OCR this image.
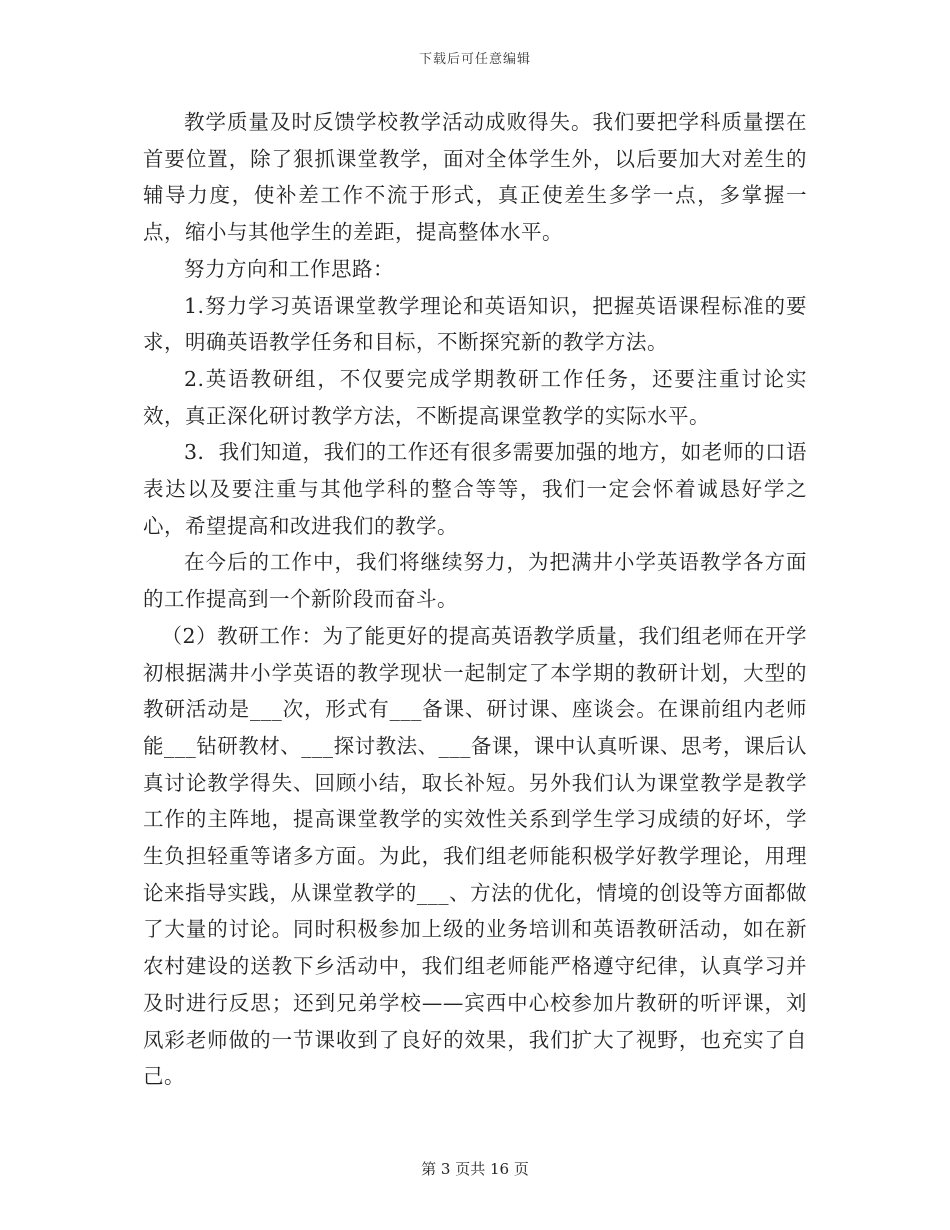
下载后可任意编辑

教学质量及时反馈学校教学活动成败得失。我们要把学科质量摆在首要位置，除了狠抓课堂教学，面对全体学生外，以后要加大对差生的辅导力度，使补差工作不流于形式，真正使差生多学一点，多掌握一点，缩小与其他学生的差距，提高整体水平。

努力方向和工作思路：

1.努力学习英语课堂教学理论和英语知识，把握英语课程标准的要求，明确英语教学任务和目标，不断探究新的教学方法。

2.英语教研组，不仅要完成学期教研工作任务，还要注重讨论实效，真正深化研讨教学方法，不断提高课堂教学的实际水平。

3．我们知道，我们的工作还有很多需要加强的地方，如老师的口语表达以及要注重与其他学科的整合等等，我们一定会怀着诚恳好学之心，希望提高和改进我们的教学。

在今后的工作中，我们将继续努力，为把满井小学英语教学各方面的工作提高到一个新阶段而奋斗。

（2）教研工作：为了能更好的提高英语教学质量，我们组老师在开学初根据满井小学英语的教学现状一起制定了本学期的教研计划，大型的教研活动是___次，形式有___备课、研讨课、座谈会。在课前组内老师能___钻研教材、___探讨教法、___备课，课中认真听课、思考，课后认真讨论教学得失、回顾小结，取长补短。另外我们认为课堂教学是教学工作的主阵地，提高课堂教学的实效性关系到学生学习成绩的好坏，学生负担轻重等诸多方面。为此，我们组老师能积极学好教学理论，用理论来指导实践，从课堂教学的___、方法的优化，情境的创设等方面都做了大量的讨论。同时积极参加上级的业务培训和英语教研活动，如在新农村建设的送教下乡活动中，我们组老师能严格遵守纪律，认真学习并及时进行反思；还到兄弟学校——宾西中心校参加片教研的听评课，刘凤彩老师做的一节课收到了良好的效果，我们扩大了视野，也充实了自己。

第 3 页共 16 页
